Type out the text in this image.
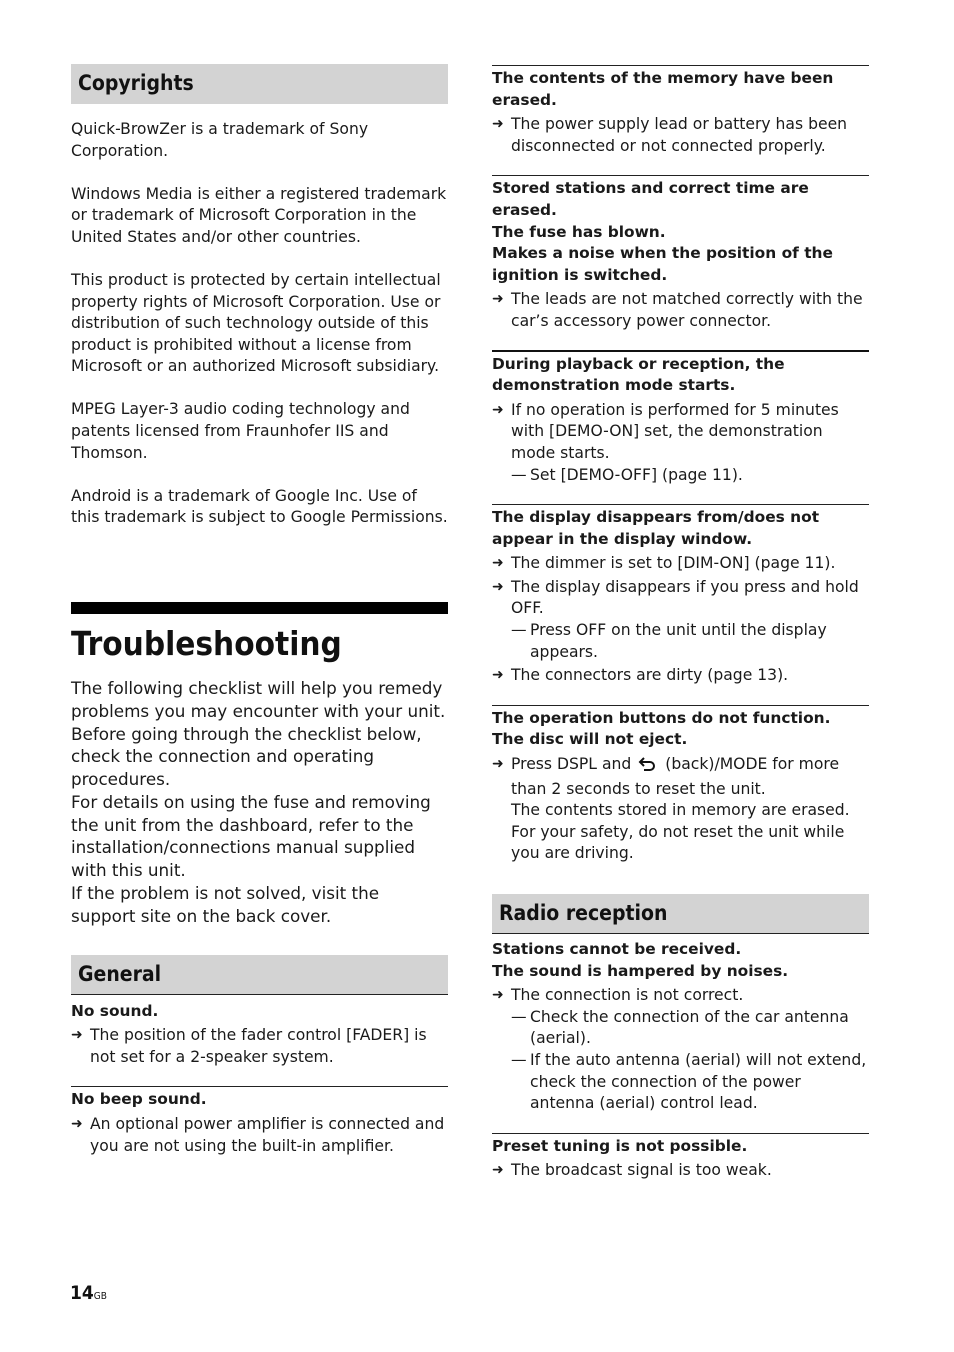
Copyrights

Quick-BrowZer is a trademark of Sony Corporation.

Windows Media is either a registered trademark or trademark of Microsoft Corporation in the United States and/or other countries.

This product is protected by certain intellectual property rights of Microsoft Corporation. Use or distribution of such technology outside of this product is prohibited without a license from Microsoft or an authorized Microsoft subsidiary.

MPEG Layer-3 audio coding technology and patents licensed from Fraunhofer IIS and Thomson.

Android is a trademark of Google Inc. Use of this trademark is subject to Google Permissions.

Troubleshooting

The following checklist will help you remedy problems you may encounter with your unit.

Before going through the checklist below, check the connection and operating procedures.

For details on using the fuse and removing the unit from the dashboard, refer to the installation/connections manual supplied with this unit.

If the problem is not solved, visit the support site on the back cover.

General
No sound.
➜ The position of the fader control [FADER] is not set for a 2-speaker system.
No beep sound.
➜ An optional power amplifier is connected and you are not using the built-in amplifier.
The contents of the memory have been erased.
➜ The power supply lead or battery has been disconnected or not connected properly.
Stored stations and correct time are erased.
The fuse has blown.
Makes a noise when the position of the ignition is switched.
➜ The leads are not matched correctly with the car’s accessory power connector.
During playback or reception, the demonstration mode starts.
➜ If no operation is performed for 5 minutes with [DEMO-ON] set, the demonstration mode starts.
— Set [DEMO-OFF] (page 11).
The display disappears from/does not appear in the display window.
➜ The dimmer is set to [DIM-ON] (page 11).
➜ The display disappears if you press and hold OFF.
— Press OFF on the unit until the display appears.
➜ The connectors are dirty (page 13).
The operation buttons do not function.
The disc will not eject.
➜ Press DSPL and (back)/MODE for more than 2 seconds to reset the unit.
The contents stored in memory are erased. For your safety, do not reset the unit while you are driving.
Radio reception
Stations cannot be received.
The sound is hampered by noises.
➜ The connection is not correct.
— Check the connection of the car antenna (aerial).
— If the auto antenna (aerial) will not extend, check the connection of the power antenna (aerial) control lead.
Preset tuning is not possible.
➜ The broadcast signal is too weak.
14GB
